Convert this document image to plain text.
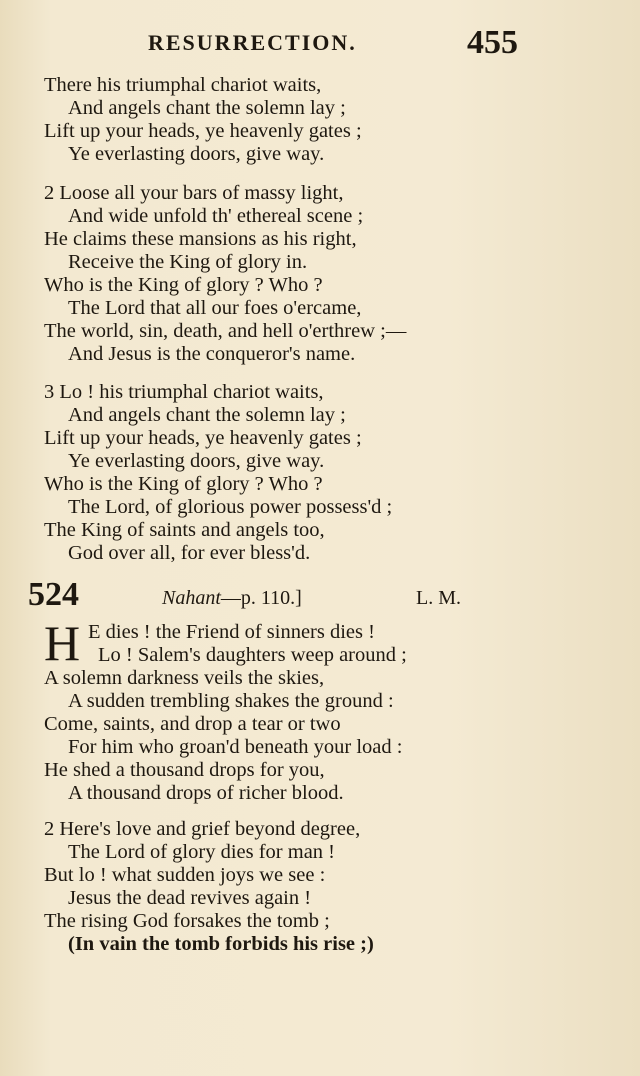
RESURRECTION.	455
There his triumphal chariot waits,
And angels chant the solemn lay ;
Lift up your heads, ye heavenly gates ;
Ye everlasting doors, give way.
2 Loose all your bars of massy light,
And wide unfold th' ethereal scene ;
He claims these mansions as his right,
Receive the King of glory in.
Who is the King of glory ? Who ?
The Lord that all our foes o'ercame,
The world, sin, death, and hell o'erthrew ;—
And Jesus is the conqueror's name.
3 Lo ! his triumphal chariot waits,
And angels chant the solemn lay ;
Lift up your heads, ye heavenly gates ;
Ye everlasting doors, give way.
Who is the King of glory ? Who ?
The Lord, of glorious power possess'd ;
The King of saints and angels too,
God over all, for ever bless'd.
524	Nahant—p. 110.]	L. M.
H E dies ! the Friend of sinners dies !
Lo ! Salem's daughters weep around ;
A solemn darkness veils the skies,
A sudden trembling shakes the ground :
Come, saints, and drop a tear or two
For him who groan'd beneath your load :
He shed a thousand drops for you,
A thousand drops of richer blood.
2 Here's love and grief beyond degree,
The Lord of glory dies for man !
But lo ! what sudden joys we see :
Jesus the dead revives again !
The rising God forsakes the tomb ;
(In vain the tomb forbids his rise ;)
